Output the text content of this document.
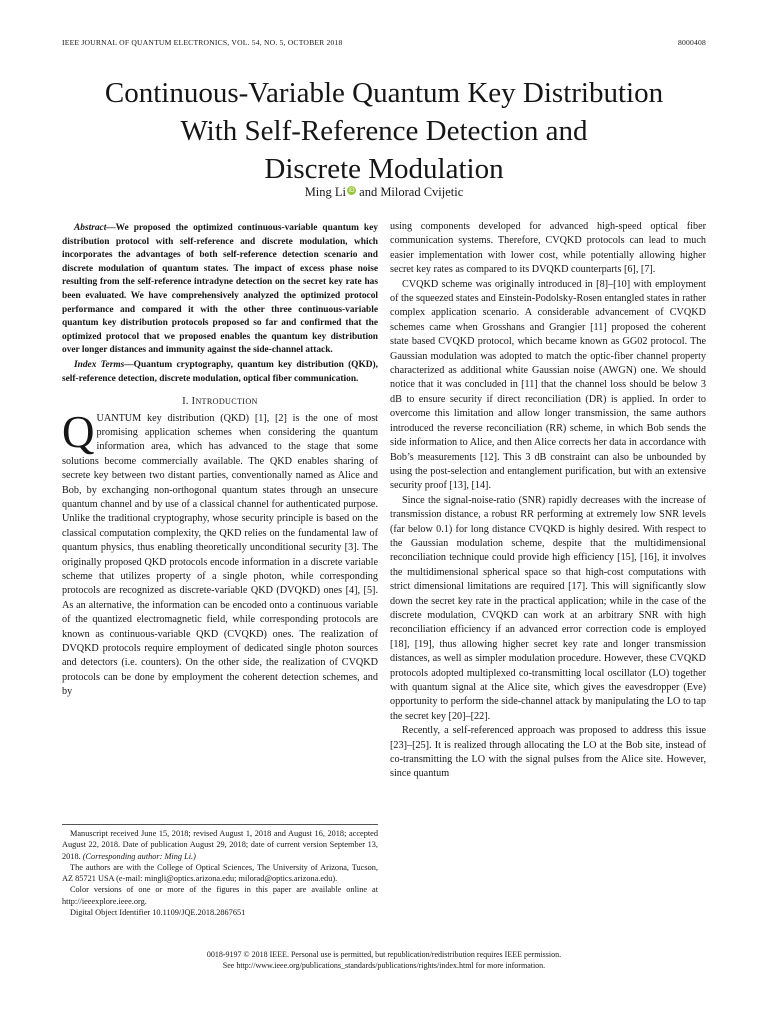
IEEE JOURNAL OF QUANTUM ELECTRONICS, VOL. 54, NO. 5, OCTOBER 2018	8000408
Continuous-Variable Quantum Key Distribution
With Self-Reference Detection and
Discrete Modulation
Ming Li iD and Milorad Cvijetic

Abstract—We proposed the optimized continuous-variable quantum key distribution protocol with self-reference and discrete modulation, which incorporates the advantages of both self-reference detection scenario and discrete modulation of quantum states. The impact of excess phase noise resulting from the self-reference intradyne detection on the secret key rate has been evaluated. We have comprehensively analyzed the optimized protocol performance and compared it with the other three continuous-variable quantum key distribution protocols proposed so far and confirmed that the optimized protocol that we proposed enables the quantum key distribution over longer distances and immunity against the side-channel attack.

Index Terms—Quantum cryptography, quantum key distribution (QKD), self-reference detection, discrete modulation, optical fiber communication.

I. INTRODUCTION

QUANTUM key distribution (QKD) [1], [2] is the one of most promising application schemes when considering the quantum information area, which has advanced to the stage that some solutions become commercially available. The QKD enables sharing of secrete key between two distant parties, conventionally named as Alice and Bob, by exchanging non-orthogonal quantum states through an unsecure quantum channel and by use of a classical channel for authenticated purpose. Unlike the traditional cryptography, whose security principle is based on the classical computation complexity, the QKD relies on the fundamental law of quantum physics, thus enabling theoretically unconditional security [3]. The originally proposed QKD protocols encode information in a discrete variable scheme that utilizes property of a single photon, while corresponding protocols are recognized as discrete-variable QKD (DVQKD) ones [4], [5]. As an alternative, the information can be encoded onto a continuous variable of the quantized electromagnetic field, while corresponding protocols are known as continuous-variable QKD (CVQKD) ones. The realization of DVQKD protocols require employment of dedicated single photon sources and detectors (i.e. counters). On the other side, the realization of CVQKD protocols can be done by employment the coherent detection schemes, and by

Manuscript received June 15, 2018; revised August 1, 2018 and August 16, 2018; accepted August 22, 2018. Date of publication August 29, 2018; date of current version September 13, 2018. (Corresponding author: Ming Li.)

The authors are with the College of Optical Sciences, The University of Arizona, Tucson, AZ 85721 USA (e-mail: mingli@optics.arizona.edu; milorad@optics.arizona.edu).

Color versions of one or more of the figures in this paper are available online at http://ieeexplore.ieee.org.

Digital Object Identifier 10.1109/JQE.2018.2867651

using components developed for advanced high-speed optical fiber communication systems. Therefore, CVQKD protocols can lead to much easier implementation with lower cost, while potentially allowing higher secret key rates as compared to its DVQKD counterparts [6], [7].

CVQKD scheme was originally introduced in [8]–[10] with employment of the squeezed states and Einstein-Podolsky-Rosen entangled states in rather complex application scenario. A considerable advancement of CVQKD schemes came when Grosshans and Grangier [11] proposed the coherent state based CVQKD protocol, which became known as GG02 protocol. The Gaussian modulation was adopted to match the optic-fiber channel property characterized as additional white Gaussian noise (AWGN) one. We should notice that it was concluded in [11] that the channel loss should be below 3 dB to ensure security if direct reconciliation (DR) is applied. In order to overcome this limitation and allow longer transmission, the same authors introduced the reverse reconciliation (RR) scheme, in which Bob sends the side information to Alice, and then Alice corrects her data in accordance with Bob’s measurements [12]. This 3 dB constraint can also be unbounded by using the post-selection and entanglement purification, but with an extensive security proof [13], [14].

Since the signal-noise-ratio (SNR) rapidly decreases with the increase of transmission distance, a robust RR performing at extremely low SNR levels (far below 0.1) for long distance CVQKD is highly desired. With respect to the Gaussian modulation scheme, despite that the multidimensional reconciliation technique could provide high efficiency [15], [16], it involves the multidimensional spherical space so that high-cost computations with strict dimensional limitations are required [17]. This will significantly slow down the secret key rate in the practical application; while in the case of the discrete modulation, CVQKD can work at an arbitrary SNR with high reconciliation efficiency if an advanced error correction code is employed [18], [19], thus allowing higher secret key rate and longer transmission distances, as well as simpler modulation procedure. However, these CVQKD protocols adopted multiplexed co-transmitting local oscillator (LO) together with quantum signal at the Alice site, which gives the eavesdropper (Eve) opportunity to perform the side-channel attack by manipulating the LO to tap the secret key [20]–[22].

Recently, a self-referenced approach was proposed to address this issue [23]–[25]. It is realized through allocating the LO at the Bob site, instead of co-transmitting the LO with the signal pulses from the Alice site. However, since quantum

0018-9197 © 2018 IEEE. Personal use is permitted, but republication/redistribution requires IEEE permission.
See http://www.ieee.org/publications_standards/publications/rights/index.html for more information.
